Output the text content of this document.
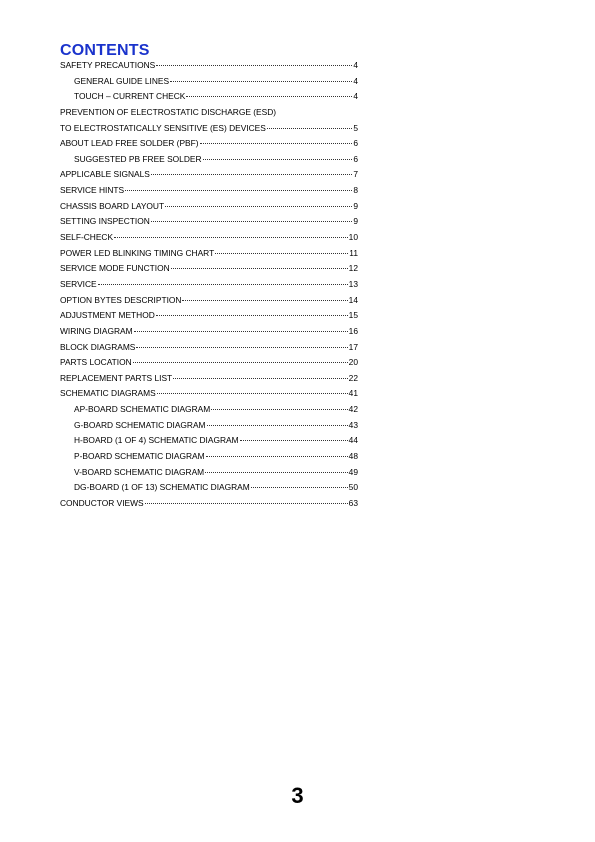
CONTENTS
SAFETY PRECAUTIONS	4
GENERAL GUIDE LINES	4
TOUCH – CURRENT CHECK	4
PREVENTION OF ELECTROSTATIC DISCHARGE (ESD)
TO ELECTROSTATICALLY SENSITIVE (ES) DEVICES	5
ABOUT LEAD FREE SOLDER (PBF)	6
SUGGESTED PB FREE SOLDER	6
APPLICABLE SIGNALS	7
SERVICE HINTS	8
CHASSIS BOARD LAYOUT	9
SETTING INSPECTION	9
SELF-CHECK	10
POWER LED BLINKING TIMING CHART	11
SERVICE MODE FUNCTION	12
SERVICE	13
OPTION BYTES DESCRIPTION	14
ADJUSTMENT METHOD	15
WIRING DIAGRAM	16
BLOCK DIAGRAMS	17
PARTS LOCATION	20
REPLACEMENT PARTS LIST	22
SCHEMATIC DIAGRAMS	41
AP-BOARD SCHEMATIC DIAGRAM	42
G-BOARD SCHEMATIC DIAGRAM	43
H-BOARD (1 OF 4) SCHEMATIC DIAGRAM	44
P-BOARD SCHEMATIC DIAGRAM	48
V-BOARD SCHEMATIC DIAGRAM	49
DG-BOARD (1 OF 13) SCHEMATIC DIAGRAM	50
CONDUCTOR VIEWS	63
3
